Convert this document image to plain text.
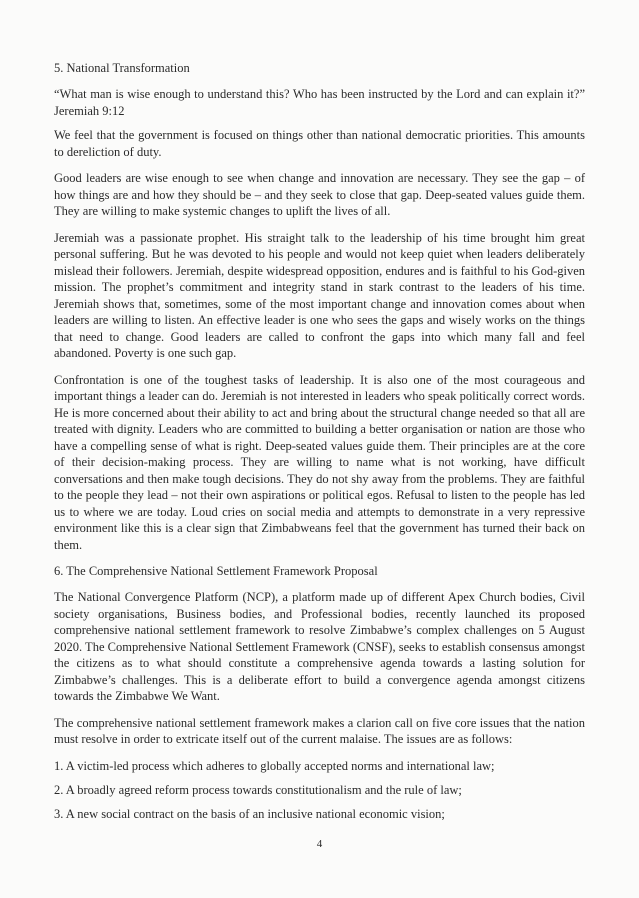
5. National Transformation

“What man is wise enough to understand this? Who has been instructed by the Lord and can explain it?” Jeremiah 9:12

We feel that the government is focused on things other than national democratic priorities. This amounts to dereliction of duty.

Good leaders are wise enough to see when change and innovation are necessary. They see the gap – of how things are and how they should be – and they seek to close that gap. Deep-seated values guide them. They are willing to make systemic changes to uplift the lives of all.

Jeremiah was a passionate prophet. His straight talk to the leadership of his time brought him great personal suffering. But he was devoted to his people and would not keep quiet when leaders deliberately mislead their followers. Jeremiah, despite widespread opposition, endures and is faithful to his God-given mission. The prophet’s commitment and integrity stand in stark contrast to the leaders of his time. Jeremiah shows that, sometimes, some of the most important change and innovation comes about when leaders are willing to listen. An effective leader is one who sees the gaps and wisely works on the things that need to change. Good leaders are called to confront the gaps into which many fall and feel abandoned. Poverty is one such gap.

Confrontation is one of the toughest tasks of leadership. It is also one of the most courageous and important things a leader can do. Jeremiah is not interested in leaders who speak politically correct words. He is more concerned about their ability to act and bring about the structural change needed so that all are treated with dignity. Leaders who are committed to building a better organisation or nation are those who have a compelling sense of what is right. Deep-seated values guide them. Their principles are at the core of their decision-making process. They are willing to name what is not working, have difficult conversations and then make tough decisions. They do not shy away from the problems. They are faithful to the people they lead – not their own aspirations or political egos. Refusal to listen to the people has led us to where we are today. Loud cries on social media and attempts to demonstrate in a very repressive environment like this is a clear sign that Zimbabweans feel that the government has turned their back on them.

6. The Comprehensive National Settlement Framework Proposal

The National Convergence Platform (NCP), a platform made up of different Apex Church bodies, Civil society organisations, Business bodies, and Professional bodies, recently launched its proposed comprehensive national settlement framework to resolve Zimbabwe’s complex challenges on 5 August 2020. The Comprehensive National Settlement Framework (CNSF), seeks to establish consensus amongst the citizens as to what should constitute a comprehensive agenda towards a lasting solution for Zimbabwe’s challenges. This is a deliberate effort to build a convergence agenda amongst citizens towards the Zimbabwe We Want.

The comprehensive national settlement framework makes a clarion call on five core issues that the nation must resolve in order to extricate itself out of the current malaise. The issues are as follows:

1. A victim-led process which adheres to globally accepted norms and international law;
2. A broadly agreed reform process towards constitutionalism and the rule of law;
3. A new social contract on the basis of an inclusive national economic vision;
4
